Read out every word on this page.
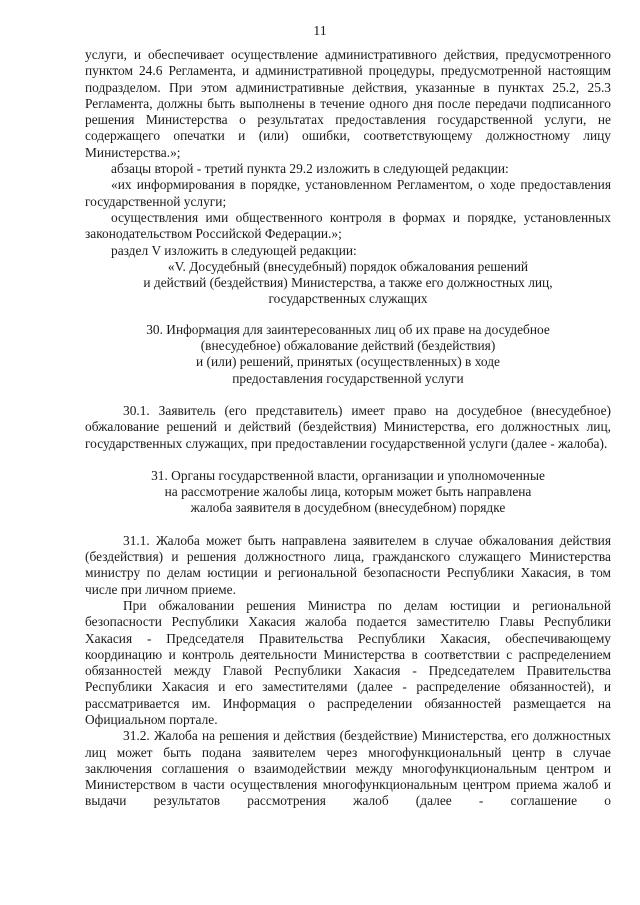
11

услуги, и обеспечивает осуществление административного действия, предусмотренного пунктом 24.6 Регламента, и административной процедуры, предусмотренной настоящим подразделом. При этом административные действия, указанные в пунктах 25.2, 25.3 Регламента, должны быть выполнены в течение одного дня после передачи подписанного решения Министерства о результатах предоставления государственной услуги, не содержащего опечатки и (или) ошибки, соответствующему должностному лицу Министерства.»;

абзацы второй - третий пункта 29.2 изложить в следующей редакции:

«их информирования в порядке, установленном Регламентом, о ходе предоставления государственной услуги;

осуществления ими общественного контроля в формах и порядке, установленных законодательством Российской Федерации.»;

раздел V изложить в следующей редакции:

«V. Досудебный (внесудебный) порядок обжалования решений
и действий (бездействия) Министерства, а также его должностных лиц,
государственных служащих
30. Информация для заинтересованных лиц об их праве на досудебное
(внесудебное) обжалование действий (бездействия)
и (или) решений, принятых (осуществленных) в ходе
предоставления государственной услуги

30.1. Заявитель (его представитель) имеет право на досудебное (внесудебное) обжалование решений и действий (бездействия) Министерства, его должностных лиц, государственных служащих, при предоставлении государственной услуги (далее - жалоба).

31. Органы государственной власти, организации и уполномоченные
на рассмотрение жалобы лица, которым может быть направлена
жалоба заявителя в досудебном (внесудебном) порядке

31.1. Жалоба может быть направлена заявителем в случае обжалования действия (бездействия) и решения должностного лица, гражданского служащего Министерства министру по делам юстиции и региональной безопасности Республики Хакасия, в том числе при личном приеме.

При обжаловании решения Министра по делам юстиции и региональной безопасности Республики Хакасия жалоба подается заместителю Главы Республики Хакасия - Председателя Правительства Республики Хакасия, обеспечивающему координацию и контроль деятельности Министерства в соответствии с распределением обязанностей между Главой Республики Хакасия - Председателем Правительства Республики Хакасия и его заместителями (далее - распределение обязанностей), и рассматривается им. Информация о распределении обязанностей размещается на Официальном портале.

31.2. Жалоба на решения и действия (бездействие) Министерства, его должностных лиц может быть подана заявителем через многофункциональный центр в случае заключения соглашения о взаимодействии между многофункциональным центром и Министерством в части осуществления многофункциональным центром приема жалоб и выдачи результатов рассмотрения жалоб (далее - соглашение о
